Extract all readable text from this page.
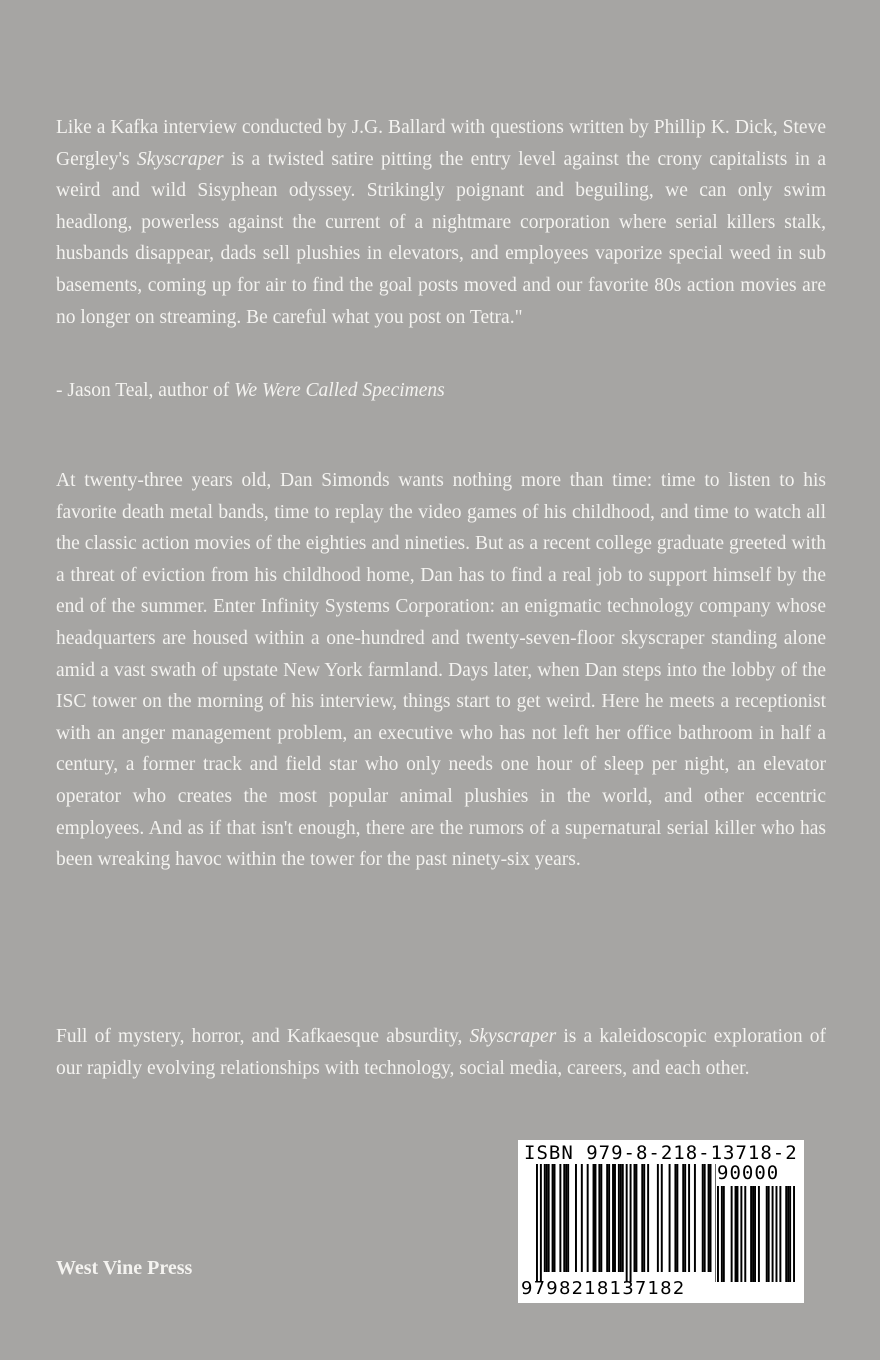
Like a Kafka interview conducted by J.G. Ballard with questions written by Phillip K. Dick, Steve Gergley's Skyscraper is a twisted satire pitting the entry level against the crony capitalists in a weird and wild Sisyphean odyssey. Strikingly poignant and beguiling, we can only swim headlong, powerless against the current of a nightmare corporation where serial killers stalk, husbands disappear, dads sell plushies in elevators, and employees vaporize special weed in sub basements, coming up for air to find the goal posts moved and our favorite 80s action movies are no longer on streaming. Be careful what you post on Tetra."

- Jason Teal, author of We Were Called Specimens

At twenty-three years old, Dan Simonds wants nothing more than time: time to listen to his favorite death metal bands, time to replay the video games of his childhood, and time to watch all the classic action movies of the eighties and nineties. But as a recent college graduate greeted with a threat of eviction from his childhood home, Dan has to find a real job to support himself by the end of the summer. Enter Infinity Systems Corporation: an enigmatic technology company whose headquarters are housed within a one-hundred and twenty-seven-floor skyscraper standing alone amid a vast swath of upstate New York farmland. Days later, when Dan steps into the lobby of the ISC tower on the morning of his interview, things start to get weird. Here he meets a receptionist with an anger management problem, an executive who has not left her office bathroom in half a century, a former track and field star who only needs one hour of sleep per night, an elevator operator who creates the most popular animal plushies in the world, and other eccentric employees. And as if that isn't enough, there are the rumors of a supernatural serial killer who has been wreaking havoc within the tower for the past ninety-six years.

Full of mystery, horror, and Kafkaesque absurdity, Skyscraper is a kaleidoscopic exploration of our rapidly evolving relationships with technology, social media, careers, and each other.

West Vine Press

ISBN 979-8-218-13718-2
90000
9798218137182
